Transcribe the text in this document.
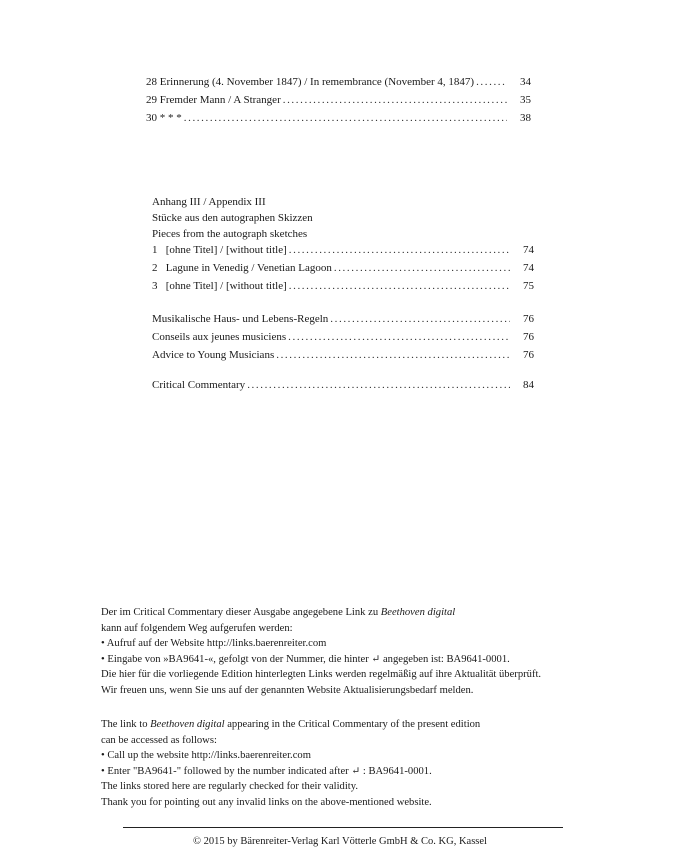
28 Erinnerung (4. November 1847) / In remembrance (November 4, 1847) .....	34
29 Fremder Mann / A Stranger .....	35
30 * * * .....	38
Anhang III / Appendix III
Stücke aus den autographen Skizzen
Pieces from the autograph sketches
1 [ohne Titel] / [without title] .....	74
2 Lagune in Venedig / Venetian Lagoon .....	74
3 [ohne Titel] / [without title] .....	75
Musikalische Haus- und Lebens-Regeln .....	76
Conseils aux jeunes musiciens .....	76
Advice to Young Musicians .....	76
Critical Commentary .....	84
Der im Critical Commentary dieser Ausgabe angegebene Link zu Beethoven digital
kann auf folgendem Weg aufgerufen werden:
• Aufruf auf der Website http://links.baerenreiter.com
• Eingabe von »BA9641-«, gefolgt von der Nummer, die hinter ↵ angegeben ist: BA9641-0001.
Die hier für die vorliegende Edition hinterlegten Links werden regelmäßig auf ihre Aktualität überprüft.
Wir freuen uns, wenn Sie uns auf der genannten Website Aktualisierungsbedarf melden.
The link to Beethoven digital appearing in the Critical Commentary of the present edition
can be accessed as follows:
• Call up the website http://links.baerenreiter.com
• Enter "BA9641-" followed by the number indicated after ↵ : BA9641-0001.
The links stored here are regularly checked for their validity.
Thank you for pointing out any invalid links on the above-mentioned website.
© 2015 by Bärenreiter-Verlag Karl Vötterle GmbH & Co. KG, Kassel
